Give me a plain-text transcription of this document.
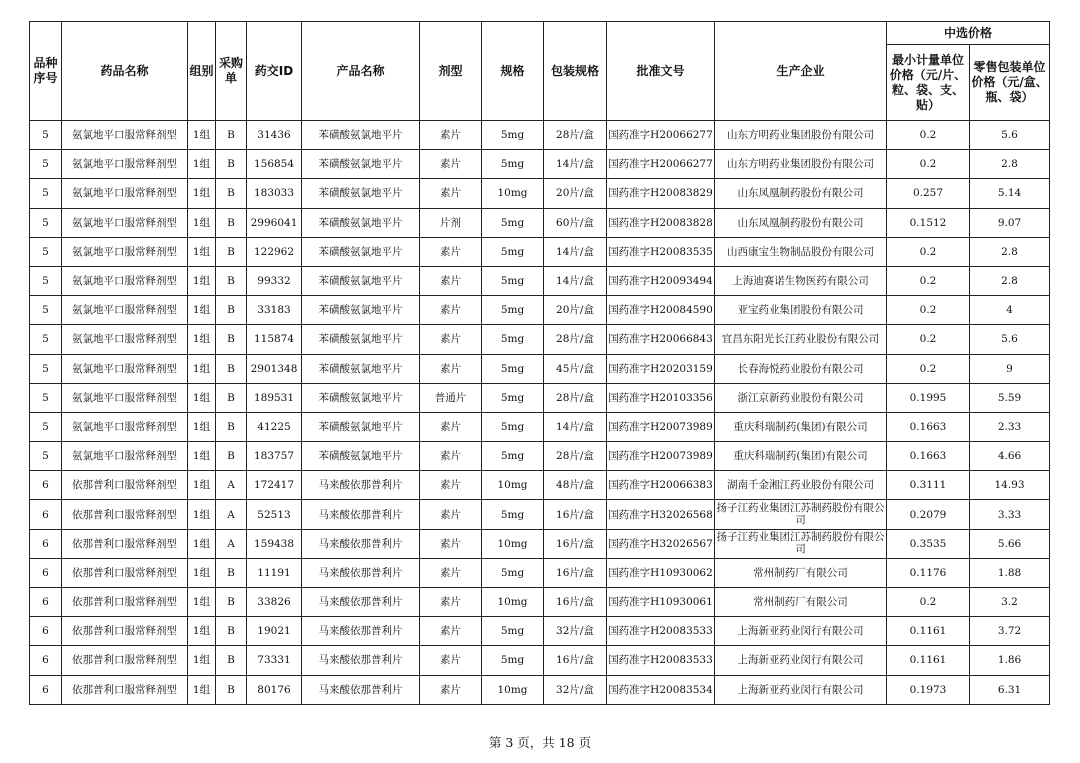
品种序号	药品名称	组别	采购单	药交ID	产品名称	剂型	规格	包装规格	批准文号	生产企业	中选价格	
											最小计量单位价格（元/片、粒、袋、支、贴）	零售包装单位价格（元/盒、瓶、袋）
5	氨氯地平口服常释剂型	1组	B	31436	苯磺酸氨氯地平片	素片	5mg	28片/盒	国药准字H20066277	山东方明药业集团股份有限公司	0.2	5.6
5	氨氯地平口服常释剂型	1组	B	156854	苯磺酸氨氯地平片	素片	5mg	14片/盒	国药准字H20066277	山东方明药业集团股份有限公司	0.2	2.8
5	氨氯地平口服常释剂型	1组	B	183033	苯磺酸氨氯地平片	素片	10mg	20片/盒	国药准字H20083829	山东凤凰制药股份有限公司	0.257	5.14
5	氨氯地平口服常释剂型	1组	B	2996041	苯磺酸氨氯地平片	片剂	5mg	60片/盒	国药准字H20083828	山东凤凰制药股份有限公司	0.1512	9.07
5	氨氯地平口服常释剂型	1组	B	122962	苯磺酸氨氯地平片	素片	5mg	14片/盒	国药准字H20083535	山西康宝生物制品股份有限公司	0.2	2.8
5	氨氯地平口服常释剂型	1组	B	99332	苯磺酸氨氯地平片	素片	5mg	14片/盒	国药准字H20093494	上海迪赛诺生物医药有限公司	0.2	2.8
5	氨氯地平口服常释剂型	1组	B	33183	苯磺酸氨氯地平片	素片	5mg	20片/盒	国药准字H20084590	亚宝药业集团股份有限公司	0.2	4
5	氨氯地平口服常释剂型	1组	B	115874	苯磺酸氨氯地平片	素片	5mg	28片/盒	国药准字H20066843	宜昌东阳光长江药业股份有限公司	0.2	5.6
5	氨氯地平口服常释剂型	1组	B	2901348	苯磺酸氨氯地平片	素片	5mg	45片/盒	国药准字H20203159	长春海悦药业股份有限公司	0.2	9
5	氨氯地平口服常释剂型	1组	B	189531	苯磺酸氨氯地平片	普通片	5mg	28片/盒	国药准字H20103356	浙江京新药业股份有限公司	0.1995	5.59
5	氨氯地平口服常释剂型	1组	B	41225	苯磺酸氨氯地平片	素片	5mg	14片/盒	国药准字H20073989	重庆科瑞制药(集团)有限公司	0.1663	2.33
5	氨氯地平口服常释剂型	1组	B	183757	苯磺酸氨氯地平片	素片	5mg	28片/盒	国药准字H20073989	重庆科瑞制药(集团)有限公司	0.1663	4.66
6	依那普利口服常释剂型	1组	A	172417	马来酸依那普利片	素片	10mg	48片/盒	国药准字H20066383	湖南千金湘江药业股份有限公司	0.3111	14.93
6	依那普利口服常释剂型	1组	A	52513	马来酸依那普利片	素片	5mg	16片/盒	国药准字H32026568	扬子江药业集团江苏制药股份有限公司	0.2079	3.33
6	依那普利口服常释剂型	1组	A	159438	马来酸依那普利片	素片	10mg	16片/盒	国药准字H32026567	扬子江药业集团江苏制药股份有限公司	0.3535	5.66
6	依那普利口服常释剂型	1组	B	11191	马来酸依那普利片	素片	5mg	16片/盒	国药准字H10930062	常州制药厂有限公司	0.1176	1.88
6	依那普利口服常释剂型	1组	B	33826	马来酸依那普利片	素片	10mg	16片/盒	国药准字H10930061	常州制药厂有限公司	0.2	3.2
6	依那普利口服常释剂型	1组	B	19021	马来酸依那普利片	素片	5mg	32片/盒	国药准字H20083533	上海新亚药业闵行有限公司	0.1161	3.72
6	依那普利口服常释剂型	1组	B	73331	马来酸依那普利片	素片	5mg	16片/盒	国药准字H20083533	上海新亚药业闵行有限公司	0.1161	1.86
6	依那普利口服常释剂型	1组	B	80176	马来酸依那普利片	素片	10mg	32片/盒	国药准字H20083534	上海新亚药业闵行有限公司	0.1973	6.31
第 3 页，共 18 页
